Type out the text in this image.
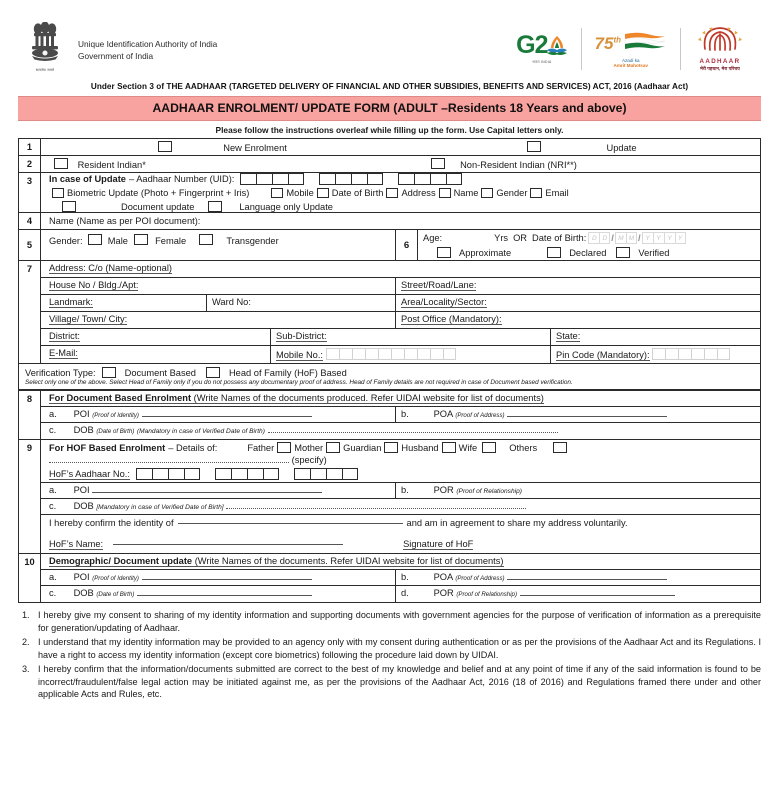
सत्यमेव जयते
Unique Identification Authority of India
Government of India	G2
भारत INDIA
75th
Azadi ka
Amrit Mahotsav
AADHAAR
मेरी पहचान, मेरा परिचय
Under Section 3 of THE AADHAAR (TARGETED DELIVERY OF FINANCIAL AND OTHER SUBSIDIES, BENEFITS AND SERVICES) ACT, 2016 (Aadhaar Act)
AADHAAR ENROLMENT/ UPDATE FORM (ADULT –Residents 18 Years and above)
Please follow the instructions overleaf while filling up the form. Use Capital letters only.
1	New Enrolment Update

2	Resident Indian* Non-Resident Indian (NRI**)

3	In case of Update – Aadhaar Number (UID):
Biometric Update (Photo + Fingerprint + Iris)	Mobile Date of Birth Address Name Gender Email
Document update	Language only Update

4	Name (Name as per POI document):
5	Gender:	Male	Female	Transgender	6
Age:	Yrs OR Date of Birth: D D / M M / Y	Y	Y Y
Approximate	Declared	Verified

7	Address: C/o (Name-optional)
House No / Bldg./Apt:	Street/Road/Lane:
Landmark:	Ward No:	Area/Locality/Sector:
Village/ Town/ City:	Post Office (Mandatory):
District:	Sub-District:	State:
E-Mail:	Mobile No.:	Pin Code (Mandatory):
Verification Type:	Document Based	Head of Family (HoF) Based
Select only one of the above. Select Head of Family only if you do not possess any documentary proof of address. Head of Family details are not required in case of Document based verification.
8	For Document Based Enrolment (Write Names of the documents produced. Refer UIDAI website for list of documents)
a. POI (Proof of Identity) b. POA (Proof of Address)
c. DOB (Date of Birth) (Mandatory in case of Verified Date of Birth)

9	For HOF Based Enrolment – Details of:	Father Mother Guardian Husband Wife	Others
(specify)
HoF’s Aadhaar No.:
a. POI	b.	POR (Proof of Relationship)
c. DOB [Mandatory in case of Verified Date of Birth]
I hereby confirm the identity of	and am in agreement to share my address voluntarily.
HoF’s Name:	Signature of HoF

10	Demographic/ Document update (Write Names of the documents. Refer UIDAI website for list of documents)
a. POI (Proof of Identity) b. POA (Proof of Address)
c. DOB (Date of Birth) d. POR (Proof of Relationship)
1. I hereby give my consent to sharing of my identity information and supporting documents with government agencies for the purpose of verification of information as a prerequisite for generation/updating of Aadhaar.
2. I understand that my identity information may be provided to an agency only with my consent during authentication or as per the provisions of the Aadhaar Act and its Regulations. I have a right to access my identity information (except core biometrics) following the procedure laid down by UIDAI.
3. I hereby confirm that the information/documents submitted are correct to the best of my knowledge and belief and at any point of time if any of the said information is found to be incorrect/fraudulent/false legal action may be initiated against me, as per the provisions of the Aadhaar Act, 2016 (18 of 2016) and Regulations framed there under and other applicable Acts and Rules, etc.
